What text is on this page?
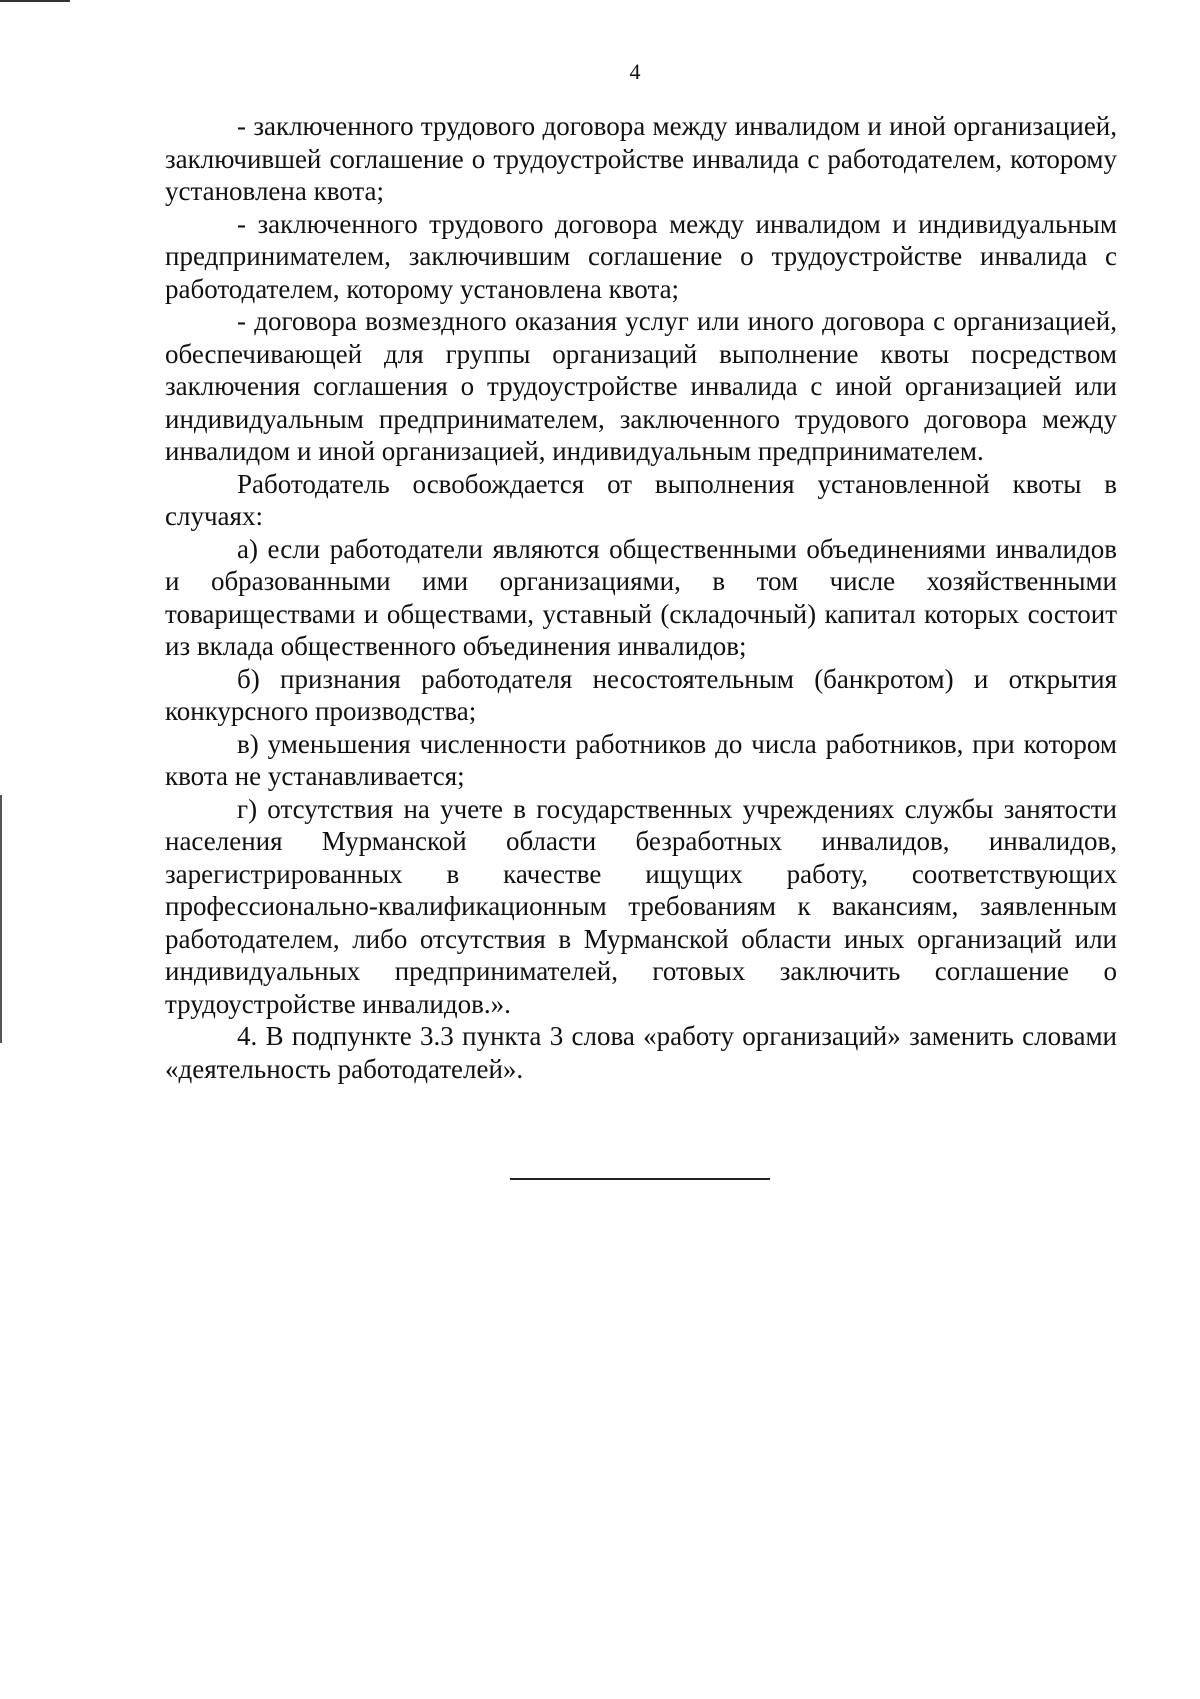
4

- заключенного трудового договора между инвалидом и иной организацией, заключившей соглашение о трудоустройстве инвалида с работодателем, которому установлена квота;

- заключенного трудового договора между инвалидом и индивидуальным предпринимателем, заключившим соглашение о трудоустройстве инвалида с работодателем, которому установлена квота;

- договора возмездного оказания услуг или иного договора с организацией, обеспечивающей для группы организаций выполнение квоты посредством заключения соглашения о трудоустройстве инвалида с иной организацией или индивидуальным предпринимателем, заключенного трудового договора между инвалидом и иной организацией, индивидуальным предпринимателем.

Работодатель освобождается от выполнения установленной квоты в случаях:

а) если работодатели являются общественными объединениями инвалидов и образованными ими организациями, в том числе хозяйственными товариществами и обществами, уставный (складочный) капитал которых состоит из вклада общественного объединения инвалидов;

б) признания работодателя несостоятельным (банкротом) и открытия конкурсного производства;

в) уменьшения численности работников до числа работников, при котором квота не устанавливается;

г) отсутствия на учете в государственных учреждениях службы занятости населения Мурманской области безработных инвалидов, инвалидов, зарегистрированных в качестве ищущих работу, соответствующих профессионально-квалификационным требованиям к вакансиям, заявленным работодателем, либо отсутствия в Мурманской области иных организаций или индивидуальных предпринимателей, готовых заключить соглашение о трудоустройстве инвалидов.».

4. В подпункте 3.3 пункта 3 слова «работу организаций» заменить словами «деятельность работодателей».
